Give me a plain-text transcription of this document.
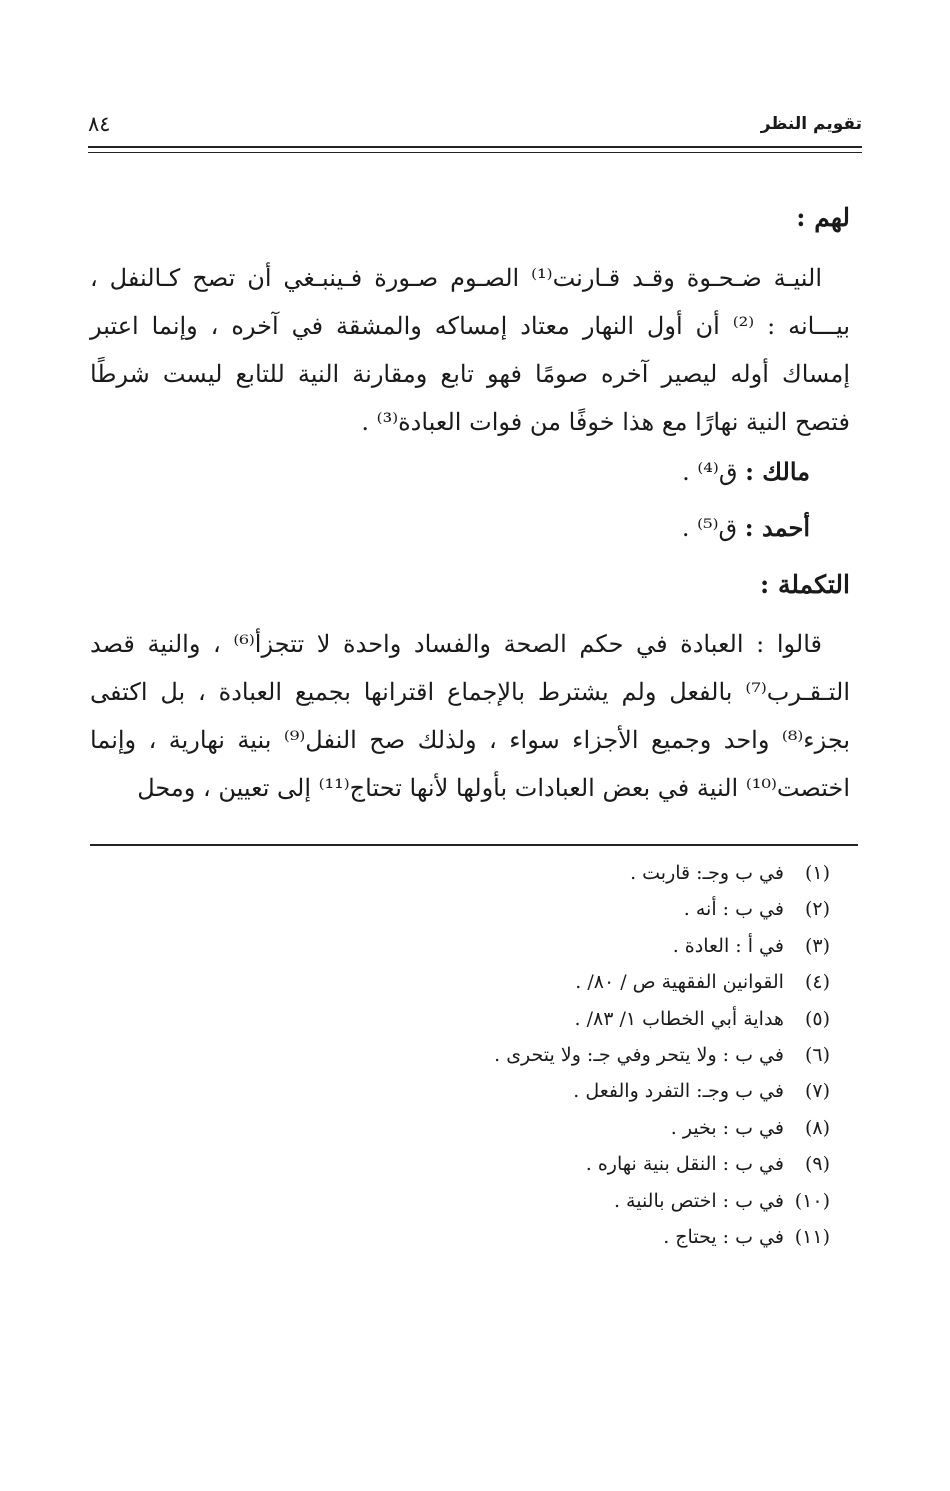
تقويم النظر
٨٤

لهم :

النيـة ضـحـوة وقـد قـارنت⁽¹⁾ الصـوم صـورة فـينبـغي أن تصح كـالنفل ، بيـــانه : ⁽²⁾ أن أول النهار معتاد إمساكه والمشقة في آخره ، وإنما اعتبر إمساك أوله ليصير آخره صومًا فهو تابع ومقارنة النية للتابع ليست شرطًا فتصح النية نهارًا مع هذا خوفًا من فوات العبادة⁽³⁾ .

مالك : ق⁽⁴⁾ .

أحمد : ق⁽⁵⁾ .

التكملة :

قالوا : العبادة في حكم الصحة والفساد واحدة لا تتجزأ⁽⁶⁾ ، والنية قصد التـقـرب⁽⁷⁾ بالفعل ولم يشترط بالإجماع اقترانها بجميع العبادة ، بل اكتفى بجزء⁽⁸⁾ واحد وجميع الأجزاء سواء ، ولذلك صح النفل⁽⁹⁾ بنية نهارية ، وإنما اختصت⁽¹⁰⁾ النية في بعض العبادات بأولها لأنها تحتاج⁽¹¹⁾ إلى تعيين ، ومحل

(١) في ب وجـ: قاربت .

(٢) في ب : أنه .

(٣) في أ : العادة .

(٤) القوانين الفقهية ص / ٨٠/ .

(٥) هداية أبي الخطاب ١/ ٨٣/ .

(٦) في ب : ولا يتحر وفي جـ: ولا يتحرى .

(٧) في ب وجـ: التفرد والفعل .

(٨) في ب : بخير .

(٩) في ب : النقل بنية نهاره .

(١٠) في ب : اختص بالنية .

(١١) في ب : يحتاج .
